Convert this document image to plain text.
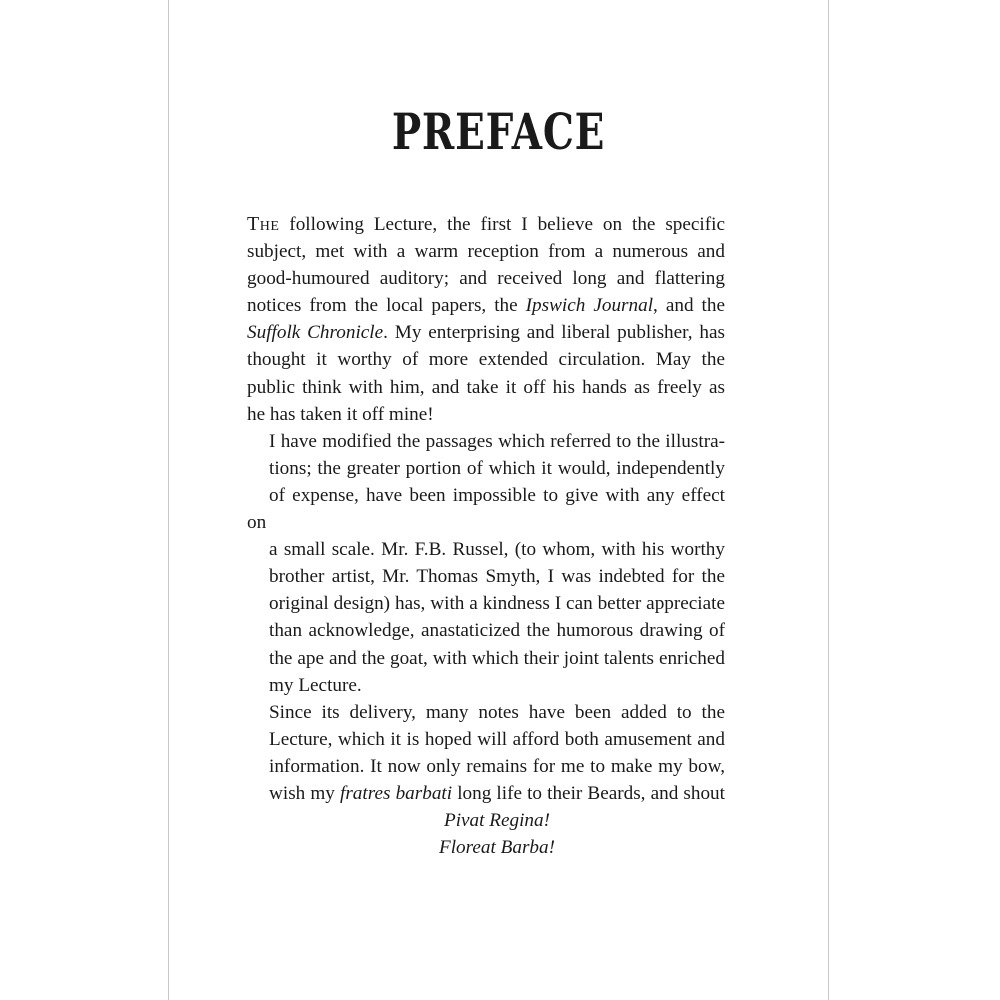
PREFACE

The following Lecture, the first I believe on the specific
subject, met with a warm reception from a numerous and
good-humoured auditory; and received long and flattering
notices from the local papers, the Ipswich Journal, and the
Suffolk Chronicle. My enterprising and liberal publisher, has
thought it worthy of more extended circulation. May the
public think with him, and take it off his hands as freely as
he has taken it off mine!

I have modified the passages which referred to the illustra-
tions; the greater portion of which it would, independently
of expense, have been impossible to give with any effect on
a small scale. Mr. F.B. Russel, (to whom, with his worthy
brother artist, Mr. Thomas Smyth, I was indebted for the
original design) has, with a kindness I can better appreciate
than acknowledge, anastaticized the humorous drawing of
the ape and the goat, with which their joint talents enriched
my Lecture.

Since its delivery, many notes have been added to the
Lecture, which it is hoped will afford both amusement and
information. It now only remains for me to make my bow,
wish my fratres barbati long life to their Beards, and shout

Pivat Regina!

Floreat Barba!
